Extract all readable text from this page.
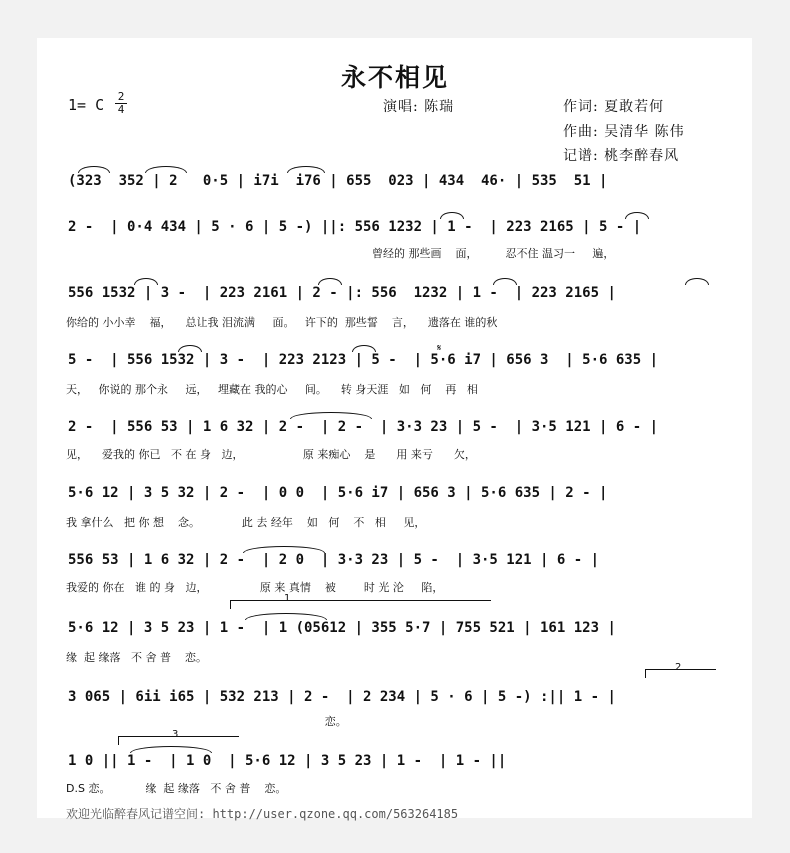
永不相见
1= C 2
4	演唱: 陈瑞	作词: 夏敢若何
作曲: 吴清华 陈伟
记谱: 桃李醉春风
(323  352 | 2   0·5 | i7i  i76 | 655  023 | 434  46· | 535  51 |
2 -  | 0·4 434 | 5 · 6 | 5 -) ||: 556 1232 | 1 -  | 223 2165 | 5 - |
曾经的 那些画    面，        忍不住 温习一     遍，
556 1532 | 3 -  | 223 2161 | 2 - |: 556  1232 | 1 -  | 223 2165 |
你给的 小小幸    福，    总让我 泪流满     面。   许下的  那些誓    言，    遗落在 谁的秋
5 -  | 556 1532 | 3 -  | 223 2123 | 5 -  | 5·6 i7 | 656 3  | 5·6 635 |
天，   你说的 那个永     远，   埋藏在 我的心     间。    转 身天涯   如   何    再   相
𝄋
2 -  | 556 53 | 1 6 32 | 2 -  | 2 -  | 3·3 23 | 5 -  | 3·5 121 | 6 - |
见，    爱我的 你已   不 在 身   边，                 原 来痴心    是      用 来亏      欠，
5·6 12 | 3 5 32 | 2 -  | 0 0  | 5·6 i7 | 656 3 | 5·6 635 | 2 - |
我 拿什么   把 你 想    念。            此 去 经年    如   何    不   相     见，
556 53 | 1 6 32 | 2 -  | 2 0  | 3·3 23 | 5 -  | 3·5 121 | 6 - |
我爱的 你在   谁 的 身   边，               原 来 真情    被        时 光 沦     陷，
1
5·6 12 | 3 5 23 | 1 -  | 1 (05612 | 355 5·7 | 755 521 | 161 123 |
缘  起 缘落   不 舍 普    恋。
2
3 065 | 6ii i65 | 532 213 | 2 -  | 2 234 | 5 · 6 | 5 -) :|| 1 - |
恋。
3
1 0 || 1 -  | 1 0  | 5·6 12 | 3 5 23 | 1 -  | 1 - ||
D.S 恋。          缘  起 缘落   不 舍 普    恋。
欢迎光临醉春风记谱空间: http://user.qzone.qq.com/563264185
